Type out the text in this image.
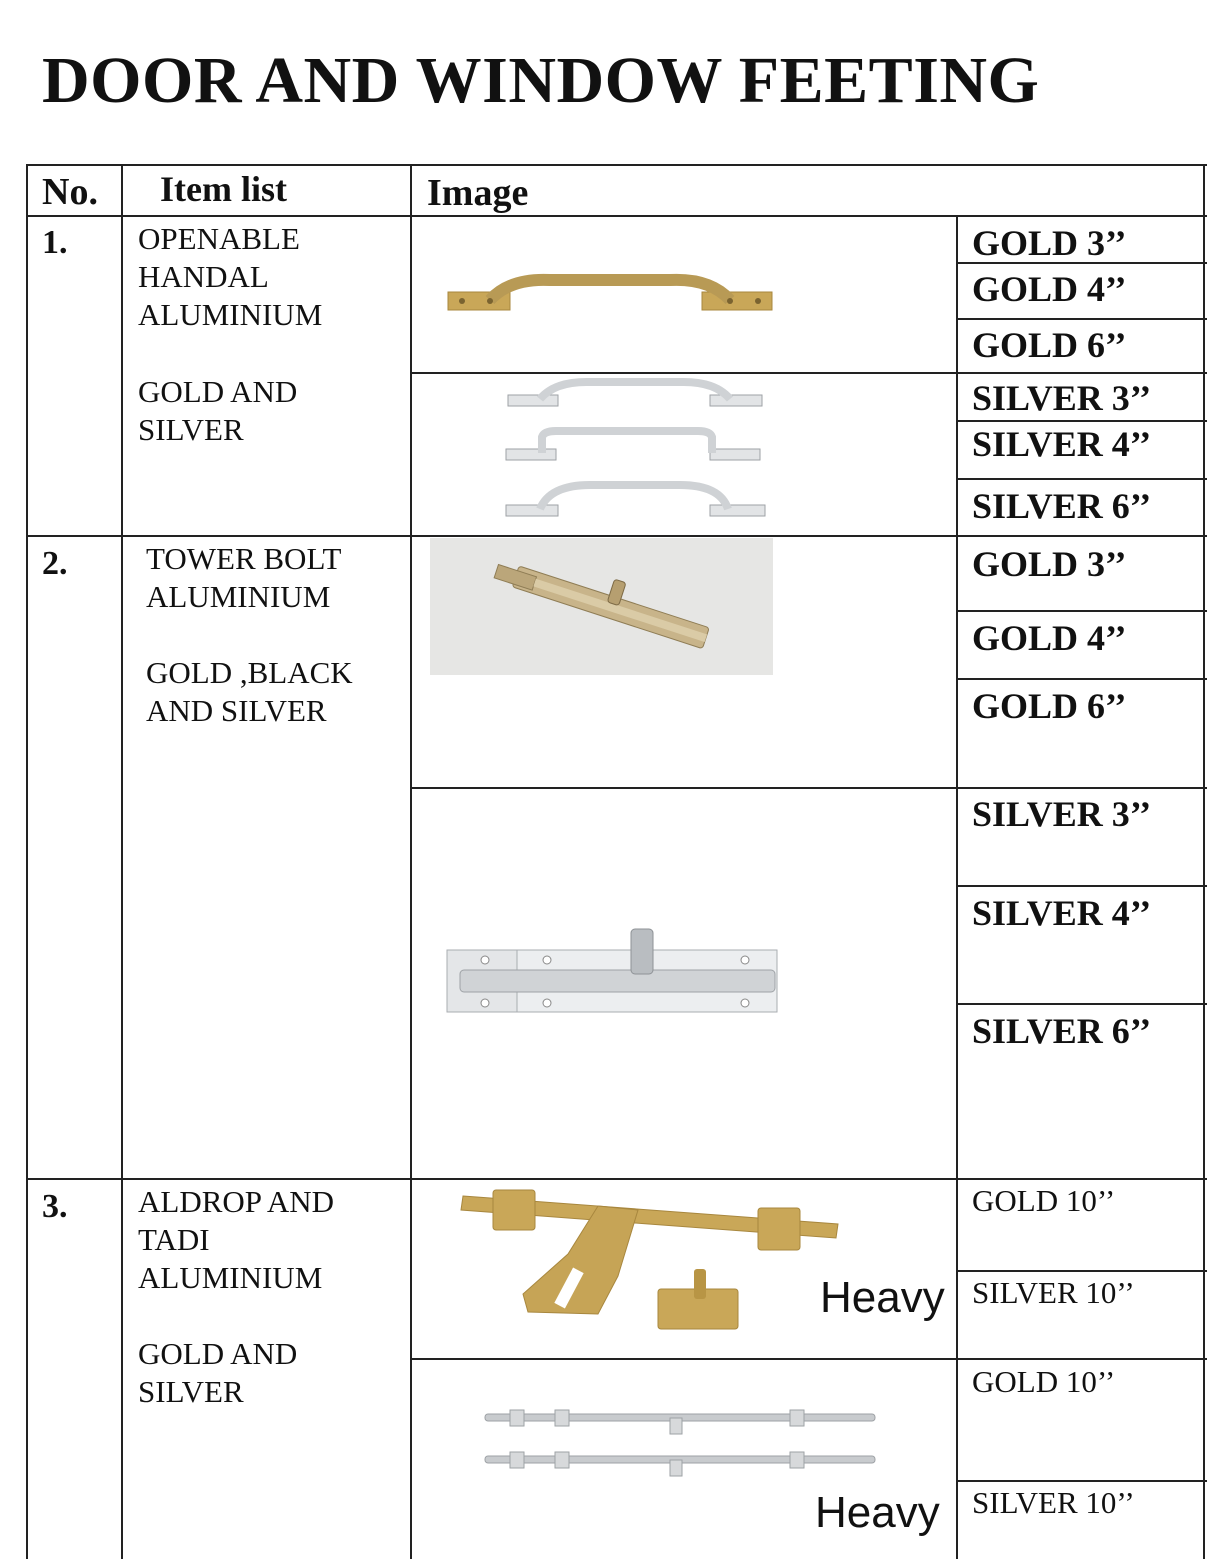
DOOR AND WINDOW FEETING
No. Item list	Image
1. OPENABLE
HANDAL
ALUMINIUM
GOLD AND
SILVER
GOLD 3’’
GOLD 4’’
GOLD 6’’
SILVER 3’’
SILVER 4’’
SILVER 6’’
2.	TOWER BOLT
ALUMINIUM
GOLD ,BLACK
AND SILVER
GOLD 3’’
GOLD 4’’
GOLD 6’’
SILVER 3’’
SILVER 4’’
SILVER 6’’
3. ALDROP AND
TADI
ALUMINIUM
GOLD AND
SILVER
GOLD 10’’
SILVER 10’’
GOLD 10’’
SILVER 10’’
Heavy
Heavy
